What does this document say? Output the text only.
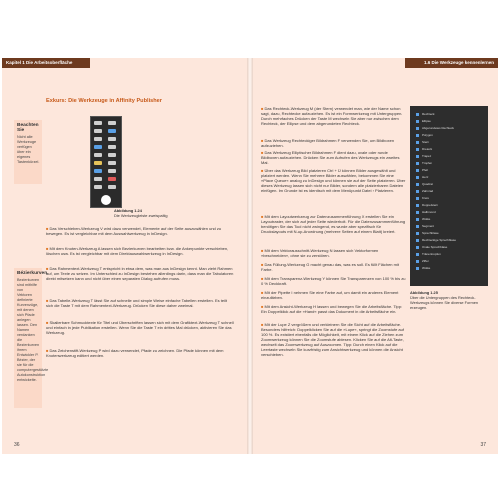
Kapitel 1 Die Arbeitsoberfläche
Exkurs: Die Werkzeuge in Affinity Publisher
Beachten Sie

Nicht alle Werkzeuge verfügen über ein eigenes Tastenkürzel.

Bézierkurven

Bezierkurven sind mithilfe von Vektoren definierte Kurvenzüge, mit denen sich Pfade anlegen lassen. Den Namen verdanken die Bezierkurven ihrem Entwickler P. Bézier, der sie für die computergestützte Autokonstruktion entwickelte.

Abbildung 1.24
Die Werkzeugleiste zweispaltig
■ Das Verschieben-Werkzeug V wird dazu verwendet, Elemente auf der Seite auszuwählen und zu bewegen. Es ist vergleichbar mit dem Auswahlwerkzeug in InDesign.
■ Mit dem Knoten-Werkzeug A lassen sich Bezierkurven bearbeiten bzw. die Ankerpunkte verschieben, löschen usw. Es ist vergleichbar mit dem Direktauswahlwerkzeug in InDesign.
■ Das Rahmentext-Werkzeug T entspricht in etwa dem, was man aus InDesign kennt. Man zieht Rahmen auf, um Texte zu setzen. Im Unterschied zu InDesign bestehen allerdings darin, dass man die Tabulatoren direkt mitsetzen kann und nicht über einen separaten Dialog aufrufen muss.
■ Das Tabelle-Werkzeug T lässt Sie auf schnelle und simple Weise einfache Tabellen erstellen. Es teilt sich die Taste T mit dem Rahmentext-Werkzeug. Drücken Sie diese daher zweimal.
■ Skalierbare Schmucktexte für Titel und Überschriften lassen sich mit dem Grafiktext-Werkzeug T schnell und einfach in jede Publikation erstellen. Wenn Sie die Taste T ein drittes Mal drücken, aktivieren Sie das Werkzeug.
■ Das Zeichenstift-Werkzeug P wird dazu verwendet, Pfade zu zeichnen. Die Pfade können mit dem Knotenwerkzeug editiert werden.
36
1.6 Die Werkzeuge kennenlernen
■ Das Rechteck-Werkzeug M (der Stern) verwendet man, wie der Name schon sagt, dazu, Rechtecke aufzuziehen. Es ist ein Formwerkzeug mit Untergruppen. Durch mehrfaches Drücken der Taste M wechseln Sie aber nur zwischen dem Rechteck, der Ellipse und dem abgerundeten Rechteck.
■ Das Werkzeug Rechteckiger Bildrahmen F verwenden Sie, um Bildboxen aufzuziehen.
■ Das Werkzeug Elliptischer Bildrahmen F dient dazu, ovale oder runde Bildboxen aufzuziehen. Drücken Sie zum Aufrufen des Werkzeugs ein zweites Mal.
■ Über das Werkzeug Bild platzieren Ctrl + Ü können Bilder ausgewählt und platziert werden. Wenn Sie mehrere Bilder auswählen, bekommen Sie eine »Place Queue« analog zu InDesign und können sie auf der Seite platzieren. Über dieses Werkzeug lassen sich nicht nur Bilder, sondern alle platzierbaren Dateien einfügen. Im Grunde ist es identisch mit dem Menüpunkt Datei › Platzieren.
■ Mit dem Layoutwerkzeug zur Datenzusammenführung X erstellen Sie ein Layoutraster, der sich auf jeder Seite wiederholt. Für die Datenzusammenführung benötigen Sie das Tool nicht zwingend, es wurde aber spezifisch für Druckslayouts mit N-up-Anordnung (mehrere Seiten auf einem Blatt) kreiert.
■ Mit dem Vektorausschnitt-Werkzeug N lassen sich Vektorformen »beschneiden«, ohne sie zu zerstören.
■ Das Füllung-Werkzeug G macht genau das, was es soll. Es füllt Flächen mit Farbe.
■ Mit dem Transparenz-Werkzeug Y können Sie Transparenzen von 100 % bis zu 0 % Deckkraft.
■ Mit der Pipette I nehmen Sie eine Farbe auf, um damit ein anderes Element einzufärben.
■ Mit dem Ansicht-Werkzeug H lassen und bewegen Sie die Arbeitsfläche. Tipp: Ein Doppelklick auf die »Hand« passt das Dokument in die Arbeitsfläche ein.
■ Mit der Lupe Z vergrößern und verkleinern Sie die Sicht auf die Arbeitsfläche. Besonders hilfreich: Doppelklicken Sie auf die »Lupe«, springt die Zoomstufe auf 100 %. Es existiert ebenfalls die Möglichkeit, mit einem Klick auf die Ziehen zum Zoomwerkzeug können Sie die Zoomstufe ablesen. Klicken Sie auf die Alt-Taste, wechselt das Zoomwerkzeug auf Auszoomen. Tipp: Durch einen Klick auf die Leertaste wechseln Sie kurzfristig zum Ansichtwerkzeug und können die Ansicht verschieben.
Rechteck
Ellipse
Abgerundetes Rechteck
Polygon
Stern
Dreieck
Trapez
Tropfen
Pfeil
Herz
Quadrat
Zahnrad
Kreis
Doppelstern
Halbmond
Wolke
Segment
Sprechblase
Rechteckige Sprechblase
Ovale Sprechblase
Tränentropfen
Ziffer
Wolke
Abbildung 1.25
Über die Untergruppen des Rechteck-Werkzeugs können Sie diverse Formen erzeugen.
37
